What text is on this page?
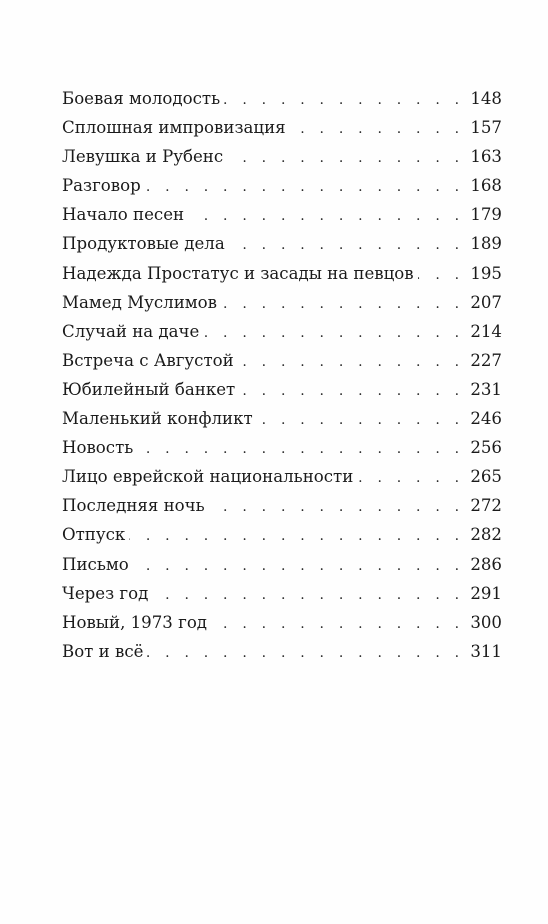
Боевая молодость . . .	148
Сплошная импровизация . . .	157
Левушка и Рубенс . . .	163
Разговор . . .	168
Начало песен . . .	179
Продуктовые дела . . .	189
Надежда Простатус и засады на певцов . . .	195
Мамед Муслимов . . .	207
Случай на даче . . .	214
Встреча с Августой . . .	227
Юбилейный банкет . . .	231
Маленький конфликт . . .	246
Новость . . .	256
Лицо еврейской национальности . . .	265
Последняя ночь . . .	272
Отпуск . . .	282
Письмо . . .	286
Через год . . .	291
Новый, 1973 год . . .	300
Вот и всё . . .	311
